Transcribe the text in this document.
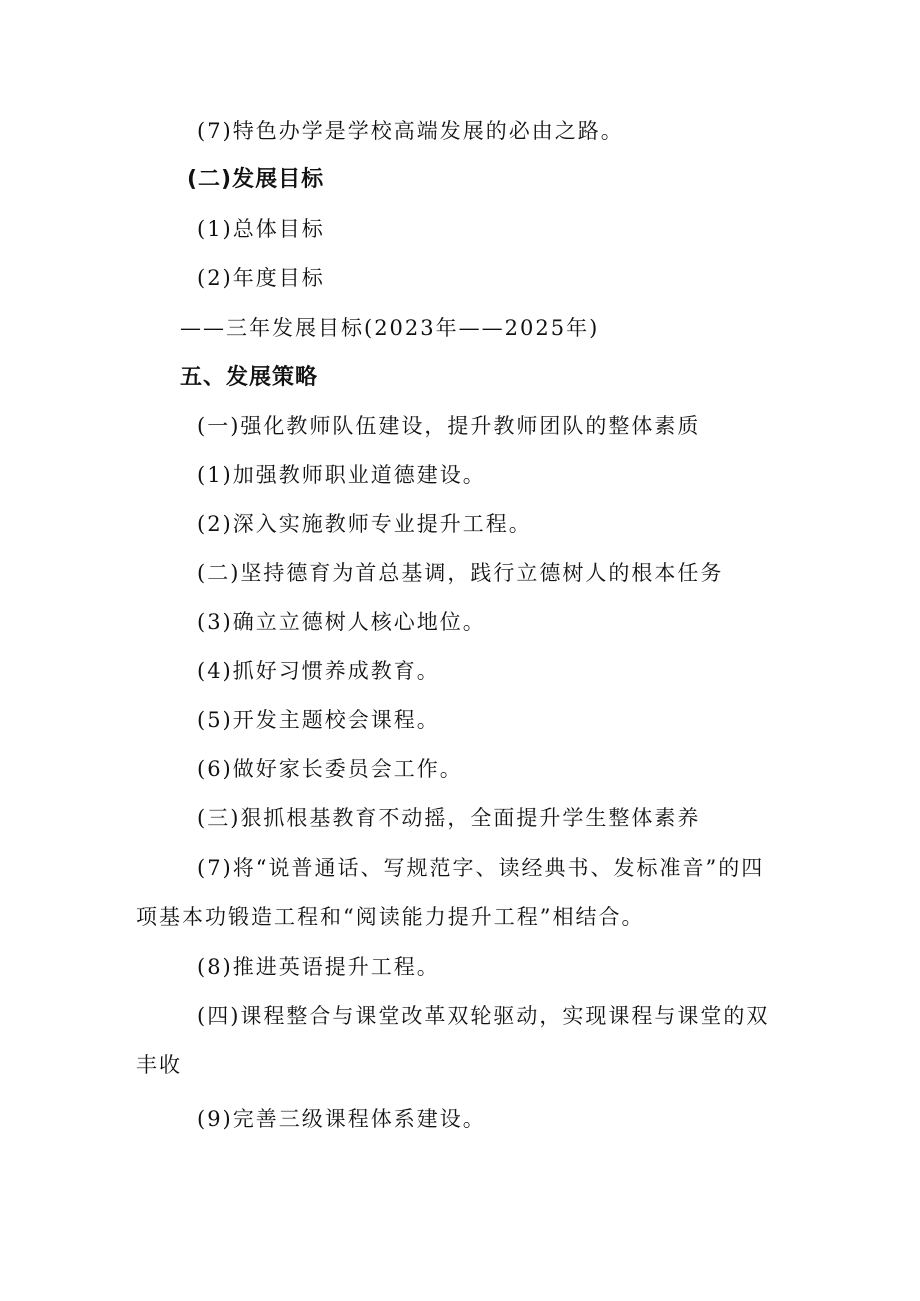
(7)特色办学是学校高端发展的必由之路。
(二)发展目标
(1)总体目标
(2)年度目标
——三年发展目标(2023年——2025年)
五、发展策略
(一)强化教师队伍建设，提升教师团队的整体素质
(1)加强教师职业道德建设。
(2)深入实施教师专业提升工程。
(二)坚持德育为首总基调，践行立德树人的根本任务
(3)确立立德树人核心地位。
(4)抓好习惯养成教育。
(5)开发主题校会课程。
(6)做好家长委员会工作。
(三)狠抓根基教育不动摇，全面提升学生整体素养
(7)将“说普通话、写规范字、读经典书、发标准音”的四
项基本功锻造工程和“阅读能力提升工程”相结合。
(8)推进英语提升工程。
(四)课程整合与课堂改革双轮驱动，实现课程与课堂的双
丰收
(9)完善三级课程体系建设。
